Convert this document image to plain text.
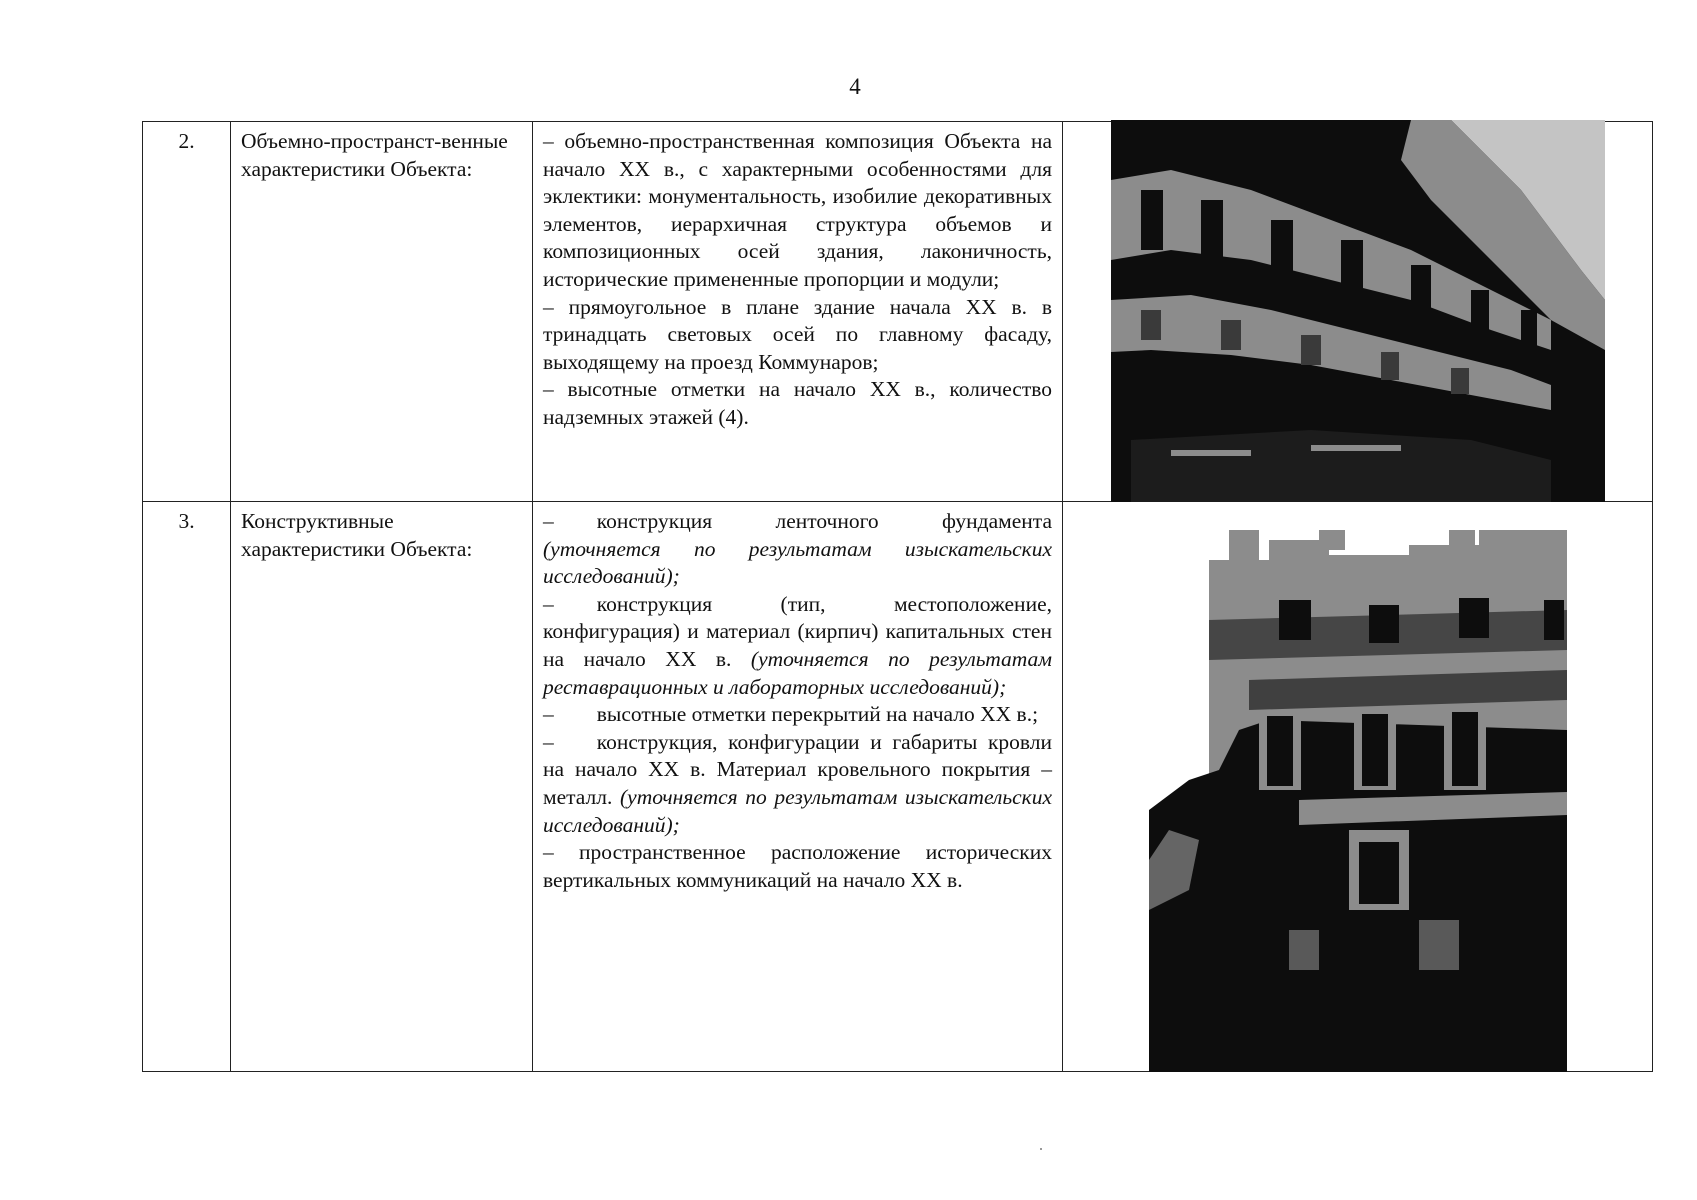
4
2.	Объемно-пространст-венные характеристики Объекта:	– объемно-пространственная композиция Объекта на начало XX в., с характерными особенностями для эклектики: монументальность, изобилие декоративных элементов, иерархичная структура объемов и композиционных осей здания, лаконичность, исторические примененные пропорции и модули;

– прямоугольное в плане здание начала XX в. в тринадцать световых осей по главному фасаду, выходящему на проезд Коммунаров;

– высотные отметки на начало XX в., количество надземных этажей (4).

3.	Конструктивные характеристики Объекта:	–  конструкция ленточного фундамента (уточняется по результатам изыскательских исследований);

–  конструкция (тип, местоположение, конфигурация) и материал (кирпич) капитальных стен на начало XX в. (уточняется по результатам реставрационных и лабораторных исследований);

–  высотные отметки перекрытий на начало XX в.;

–  конструкция, конфигурации и габариты кровли на начало XX в. Материал кровельного покрытия – металл. (уточняется по результатам изыскательских исследований);

– пространственное расположение исторических вертикальных коммуникаций на начало XX в.
